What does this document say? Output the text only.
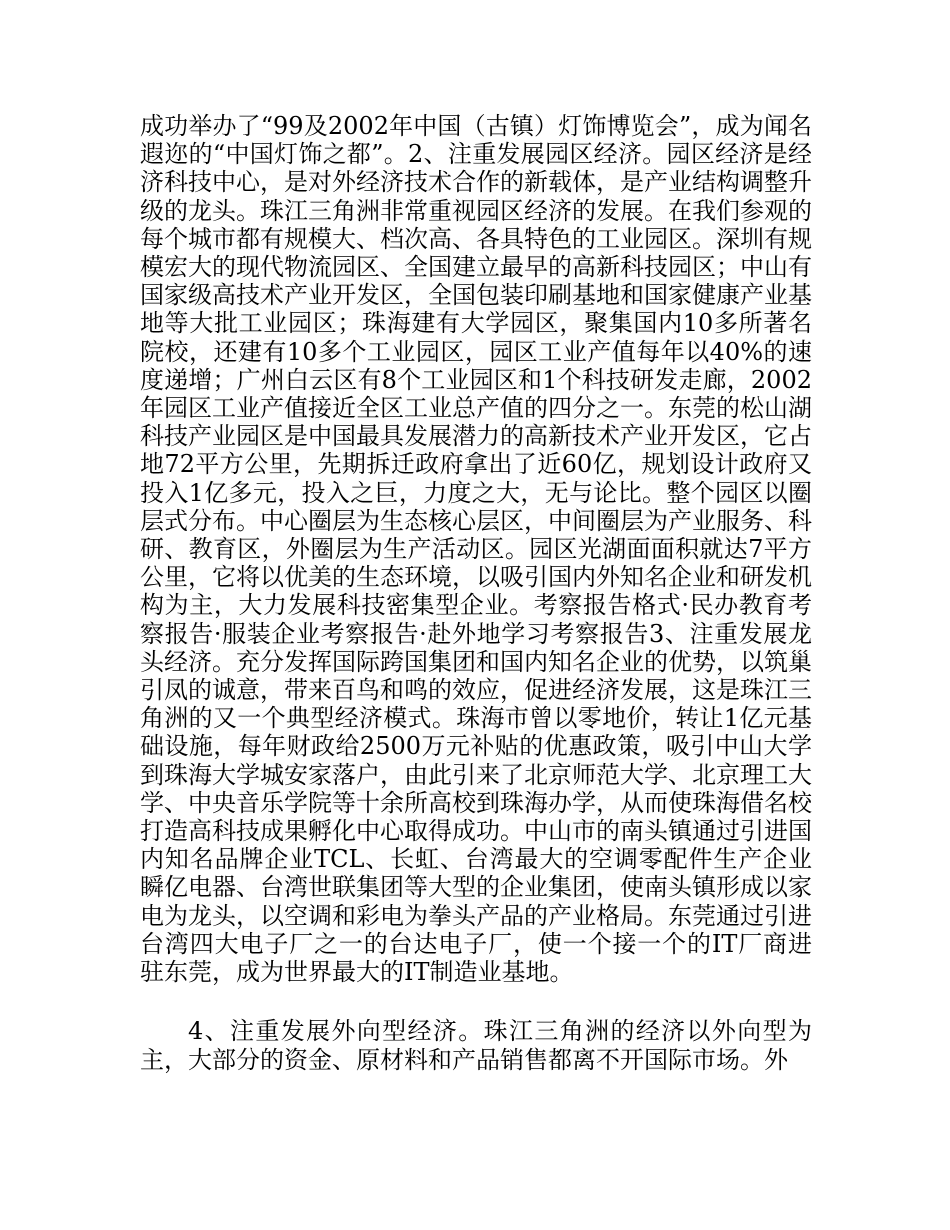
成功举办了“99及2002年中国（古镇）灯饰博览会”，成为闻名遐迩的“中国灯饰之都”。2、注重发展园区经济。园区经济是经济科技中心，是对外经济技术合作的新载体，是产业结构调整升级的龙头。珠江三角洲非常重视园区经济的发展。在我们参观的每个城市都有规模大、档次高、各具特色的工业园区。深圳有规模宏大的现代物流园区、全国建立最早的高新科技园区；中山有国家级高技术产业开发区，全国包装印刷基地和国家健康产业基地等大批工业园区；珠海建有大学园区，聚集国内10多所著名院校，还建有10多个工业园区，园区工业产值每年以40%的速度递增；广州白云区有8个工业园区和1个科技研发走廊，2002年园区工业产值接近全区工业总产值的四分之一。东莞的松山湖科技产业园区是中国最具发展潜力的高新技术产业开发区，它占地72平方公里，先期拆迁政府拿出了近60亿，规划设计政府又投入1亿多元，投入之巨，力度之大，无与论比。整个园区以圈层式分布。中心圈层为生态核心层区，中间圈层为产业服务、科研、教育区，外圈层为生产活动区。园区光湖面面积就达7平方公里，它将以优美的生态环境，以吸引国内外知名企业和研发机构为主，大力发展科技密集型企业。考察报告格式·民办教育考察报告·服装企业考察报告·赴外地学习考察报告3、注重发展龙头经济。充分发挥国际跨国集团和国内知名企业的优势，以筑巢引凤的诚意，带来百鸟和鸣的效应，促进经济发展，这是珠江三角洲的又一个典型经济模式。珠海市曾以零地价，转让1亿元基础设施，每年财政给2500万元补贴的优惠政策，吸引中山大学到珠海大学城安家落户，由此引来了北京师范大学、北京理工大学、中央音乐学院等十余所高校到珠海办学，从而使珠海借名校打造高科技成果孵化中心取得成功。中山市的南头镇通过引进国内知名品牌企业TCL、长虹、台湾最大的空调零配件生产企业瞬亿电器、台湾世联集团等大型的企业集团，使南头镇形成以家电为龙头，以空调和彩电为拳头产品的产业格局。东莞通过引进台湾四大电子厂之一的台达电子厂，使一个接一个的IT厂商进驻东莞，成为世界最大的IT制造业基地。

4、注重发展外向型经济。珠江三角洲的经济以外向型为主，大部分的资金、原材料和产品销售都离不开国际市场。外
